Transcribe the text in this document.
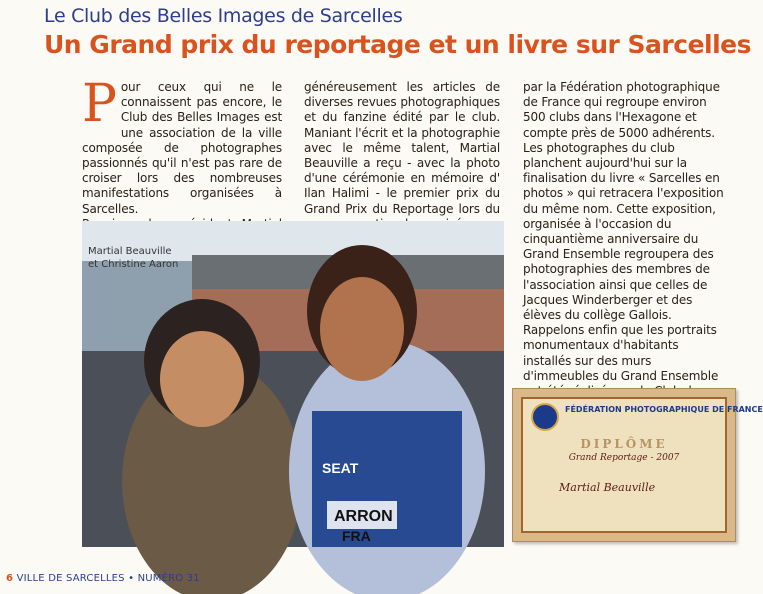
Le Club des Belles Images de Sarcelles
Un Grand prix du reportage et un livre sur Sarcelles
P our ceux qui ne le connaissent pas encore, le Club des Belles Images est une association de la ville composée de photographes passionnés qu'il n'est pas rare de croiser lors des nombreuses manifestations organisées à Sarcelles.

généreusement les articles de diverses revues photographiques et du fanzine édité par le club. Maniant l'écrit et la photographie avec le même talent, Martial Beauville a reçu - avec la photo d'une cérémonie en mémoire d' Ilan Halimi - le premier prix du Grand Prix du Reportage lors du

par la Fédération photographique de France qui regroupe environ 500 clubs dans l'Hexagone et compte près de 5000 adhérents.

Les photographes du club planchent aujourd'hui sur la finalisation du livre « Sarcelles en photos » qui retracera l'exposition du même nom. Cette exposition, organisée à l'occasion du cinquantième anniversaire du Grand Ensemble regroupera des photographies des membres de l'association ainsi que celles de Jacques Winderberger et des élèves du collège Gallois.

Rappelons enfin que les portraits monumentaux d'habitants installés sur des murs d'immeubles du Grand Ensemble

ARRON
FRA
SEAT
Martial Beauville
et Christine Aaron
FÉDÉRATION PHOTOGRAPHIQUE DE FRANCE
DIPLÔME
Grand Reportage - 2007
Martial Beauville
6 VILLE DE SARCELLES • NUMÉRO 31
